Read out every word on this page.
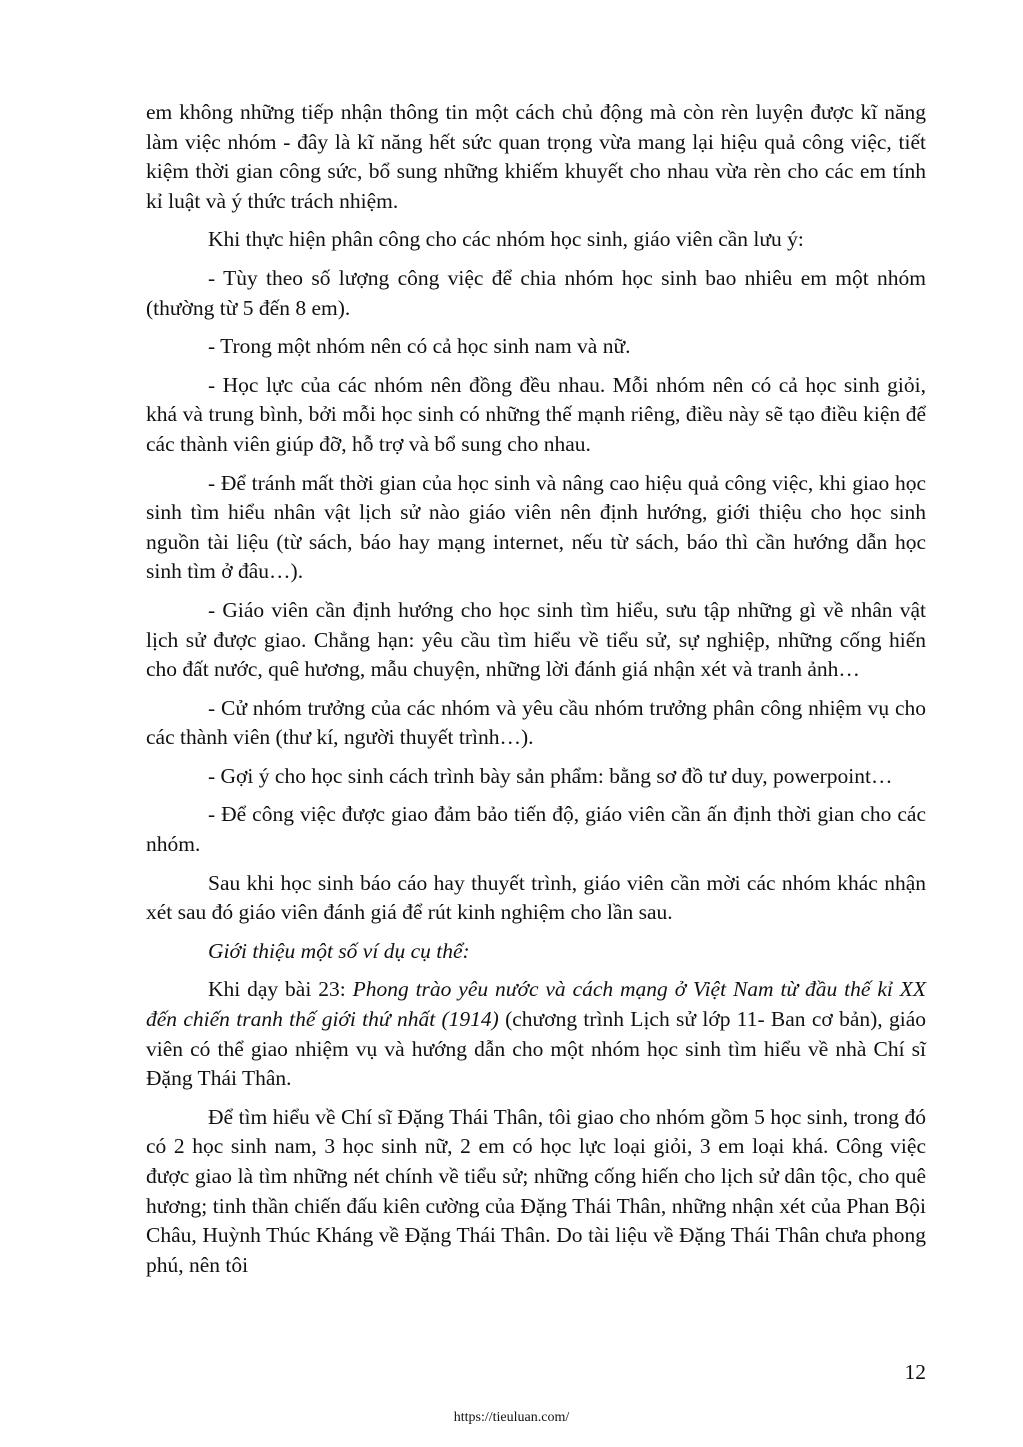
em không những tiếp nhận thông tin một cách chủ động mà còn rèn luyện được kĩ năng làm việc nhóm - đây là kĩ năng hết sức quan trọng vừa mang lại hiệu quả công việc, tiết kiệm thời gian công sức, bổ sung những khiếm khuyết cho nhau vừa rèn cho các em tính kỉ luật và ý thức trách nhiệm.

Khi thực hiện phân công cho các nhóm học sinh, giáo viên cần lưu ý:

- Tùy theo số lượng công việc để chia nhóm học sinh bao nhiêu em một nhóm (thường từ 5 đến 8 em).

- Trong một nhóm nên có cả học sinh nam và nữ.

- Học lực của các nhóm nên đồng đều nhau. Mỗi nhóm nên có cả học sinh giỏi, khá và trung bình, bởi mỗi học sinh có những thế mạnh riêng, điều này sẽ tạo điều kiện để các thành viên giúp đỡ, hỗ trợ và bổ sung cho nhau.

- Để tránh mất thời gian của học sinh và nâng cao hiệu quả công việc, khi giao học sinh tìm hiểu nhân vật lịch sử nào giáo viên nên định hướng, giới thiệu cho học sinh nguồn tài liệu (từ sách, báo hay mạng internet, nếu từ sách, báo thì cần hướng dẫn học sinh tìm ở đâu…).

- Giáo viên cần định hướng cho học sinh tìm hiểu, sưu tập những gì về nhân vật lịch sử được giao. Chẳng hạn: yêu cầu tìm hiểu về tiểu sử, sự nghiệp, những cống hiến cho đất nước, quê hương, mẫu chuyện, những lời đánh giá nhận xét và tranh ảnh…

- Cử nhóm trưởng của các nhóm và yêu cầu nhóm trưởng phân công nhiệm vụ cho các thành viên (thư kí, người thuyết trình…).

- Gợi ý cho học sinh cách trình bày sản phẩm: bằng sơ đồ tư duy, powerpoint…

- Để công việc được giao đảm bảo tiến độ, giáo viên cần ấn định thời gian cho các nhóm.

Sau khi học sinh báo cáo hay thuyết trình, giáo viên cần mời các nhóm khác nhận xét sau đó giáo viên đánh giá để rút kinh nghiệm cho lần sau.

Giới thiệu một số ví dụ cụ thể:

Khi dạy bài 23: Phong trào yêu nước và cách mạng ở Việt Nam từ đầu thế kỉ XX đến chiến tranh thế giới thứ nhất (1914) (chương trình Lịch sử lớp 11- Ban cơ bản), giáo viên có thể giao nhiệm vụ và hướng dẫn cho một nhóm học sinh tìm hiểu về nhà Chí sĩ Đặng Thái Thân.

Để tìm hiểu về Chí sĩ Đặng Thái Thân, tôi giao cho nhóm gồm 5 học sinh, trong đó có 2 học sinh nam, 3 học sinh nữ, 2 em có học lực loại giỏi, 3 em loại khá. Công việc được giao là tìm những nét chính về tiểu sử; những cống hiến cho lịch sử dân tộc, cho quê hương; tinh thần chiến đấu kiên cường của Đặng Thái Thân, những nhận xét của Phan Bội Châu, Huỳnh Thúc Kháng về Đặng Thái Thân. Do tài liệu về Đặng Thái Thân chưa phong phú, nên tôi

12
https://tieuluan.com/
